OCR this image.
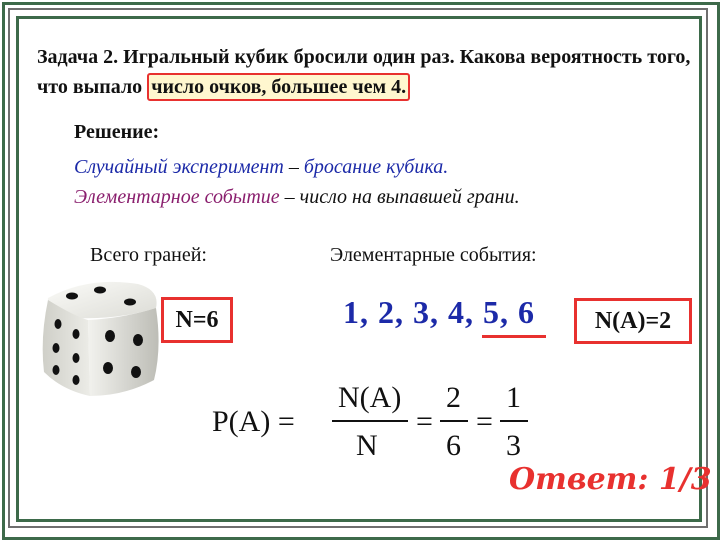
Задача 2. Игральный кубик бросили один раз. Какова вероятность того, что выпало число очков, большее чем 4.
Решение:
Случайный эксперимент – бросание кубика.
Элементарное событие – число на выпавшей грани.
Всего граней:	Элементарные события:
N=6	1, 2, 3, 4, 5, 6	N(A)=2
P(A) =
N(A)
N
=
2
6
=
1
3
Ответ: 1/3
